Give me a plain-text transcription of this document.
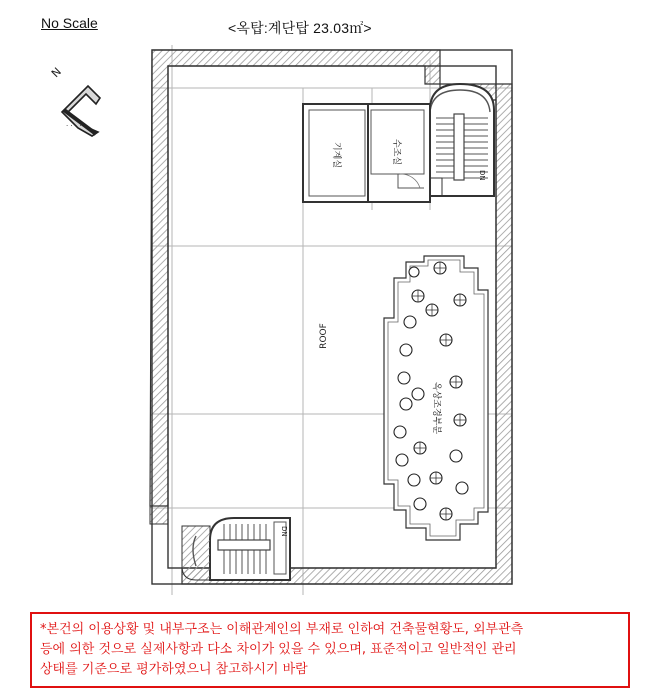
No Scale	<옥탑:계단탑 23.03㎡>
N
· · · ·
DN
기계실	수조실
ROOF
옥상조경부분
DN
*본건의 이용상황 및 내부구조는 이해관계인의 부재로 인하여 건축물현황도, 외부관측
등에 의한 것으로 실제사항과 다소 차이가 있을 수 있으며, 표준적이고 일반적인 관리
상태를 기준으로 평가하였으니 참고하시기 바람
